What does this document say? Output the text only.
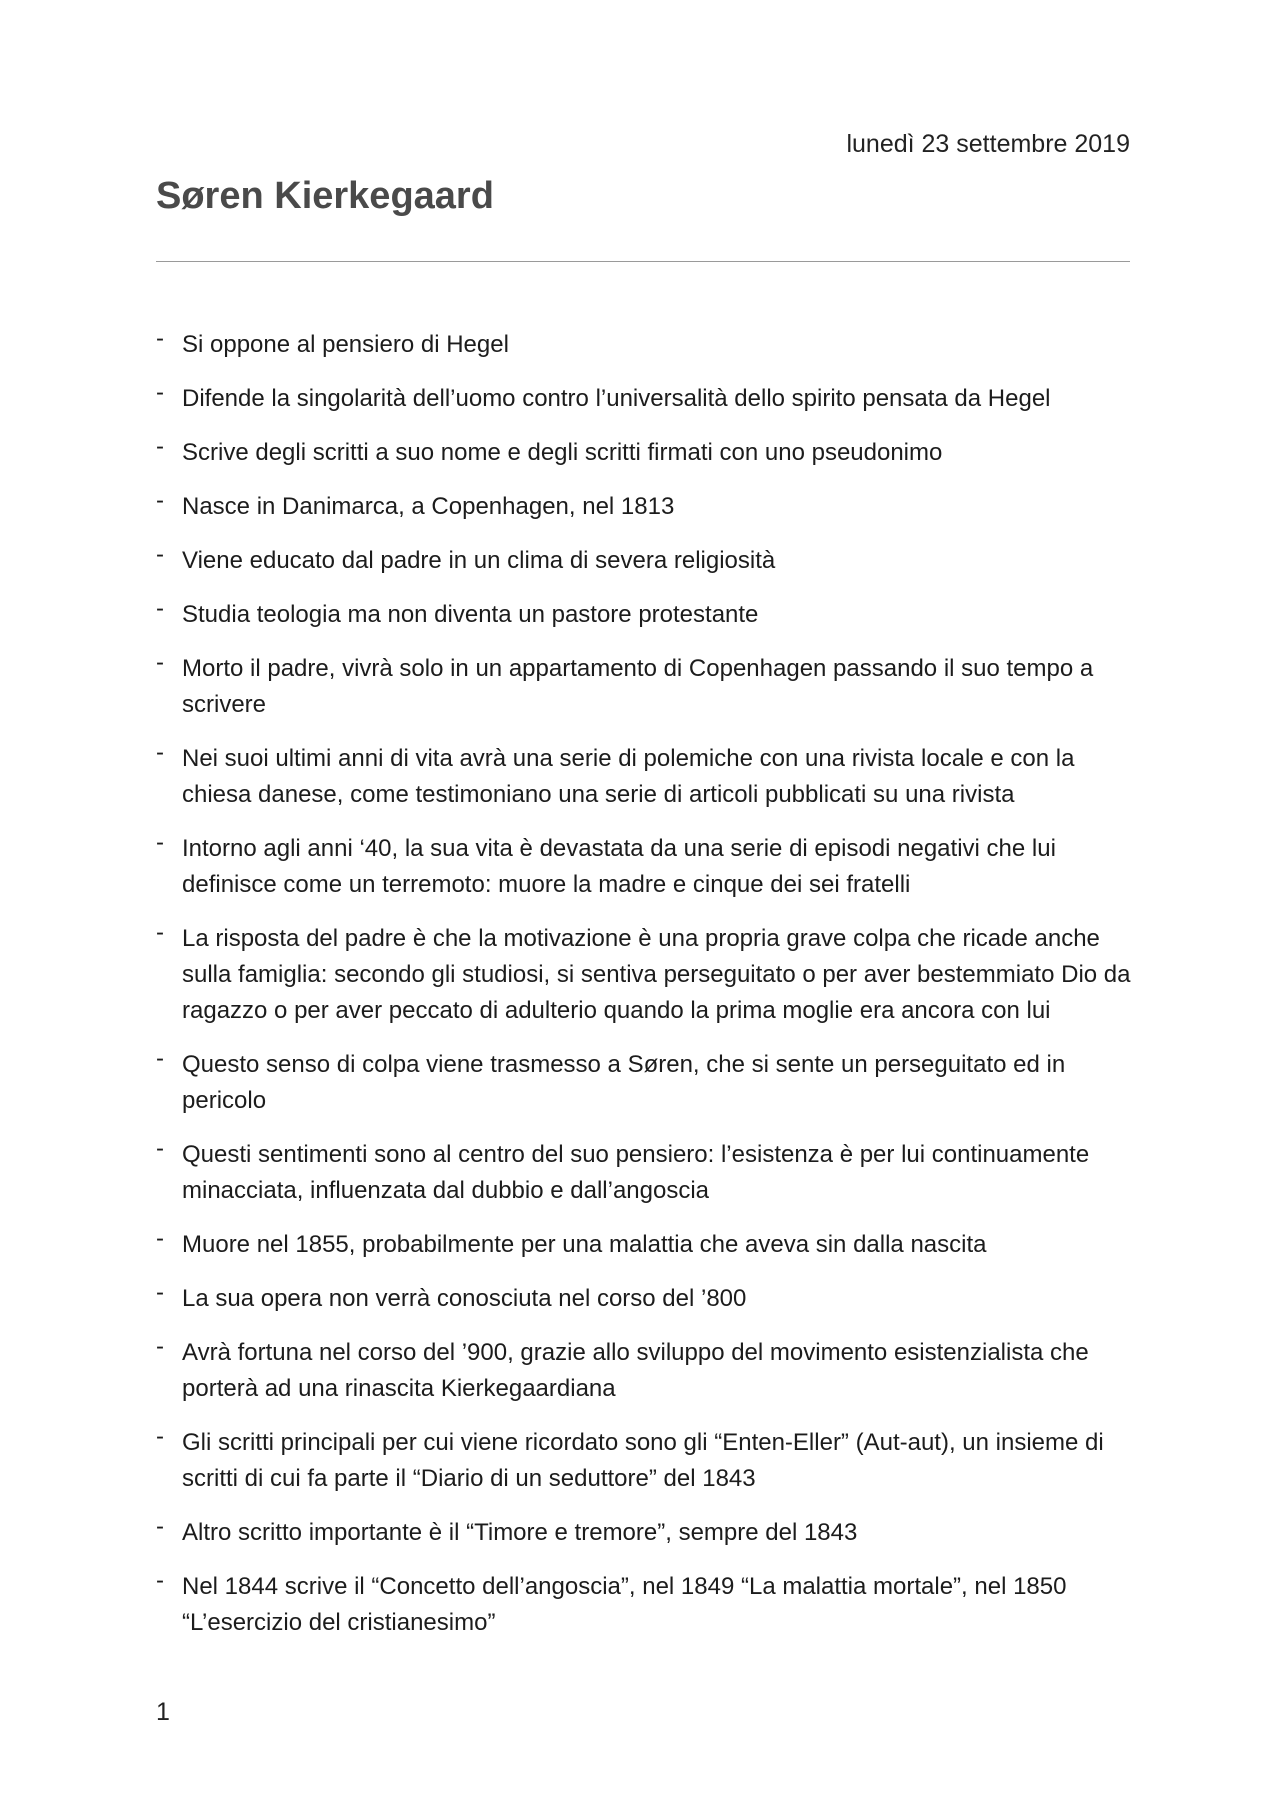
lunedì 23 settembre 2019

Søren Kierkegaard
- Si oppone al pensiero di Hegel
- Difende la singolarità dell’uomo contro l’universalità dello spirito pensata da Hegel
- Scrive degli scritti a suo nome e degli scritti firmati con uno pseudonimo
- Nasce in Danimarca, a Copenhagen, nel 1813
- Viene educato dal padre in un clima di severa religiosità
- Studia teologia ma non diventa un pastore protestante
- Morto il padre, vivrà solo in un appartamento di Copenhagen passando il suo tempo a scrivere
- Nei suoi ultimi anni di vita avrà una serie di polemiche con una rivista locale e con la chiesa danese, come testimoniano una serie di articoli pubblicati su una rivista
- Intorno agli anni ‘40, la sua vita è devastata da una serie di episodi negativi che lui definisce come un terremoto: muore la madre e cinque dei sei fratelli
- La risposta del padre è che la motivazione è una propria grave colpa che ricade anche sulla famiglia: secondo gli studiosi, si sentiva perseguitato o per aver bestemmiato Dio da ragazzo o per aver peccato di adulterio quando la prima moglie era ancora con lui
- Questo senso di colpa viene trasmesso a Søren, che si sente un perseguitato ed in pericolo
- Questi sentimenti sono al centro del suo pensiero: l’esistenza è per lui continuamente minacciata, influenzata dal dubbio e dall’angoscia
- Muore nel 1855, probabilmente per una malattia che aveva sin dalla nascita
- La sua opera non verrà conosciuta nel corso del ’800
- Avrà fortuna nel corso del ’900, grazie allo sviluppo del movimento esistenzialista che porterà ad una rinascita Kierkegaardiana
- Gli scritti principali per cui viene ricordato sono gli “Enten-Eller” (Aut-aut), un insieme di scritti di cui fa parte il “Diario di un seduttore” del 1843
- Altro scritto importante è il “Timore e tremore”, sempre del 1843
- Nel 1844 scrive il “Concetto dell’angoscia”, nel 1849 “La malattia mortale”, nel 1850 “L’esercizio del cristianesimo”

1
